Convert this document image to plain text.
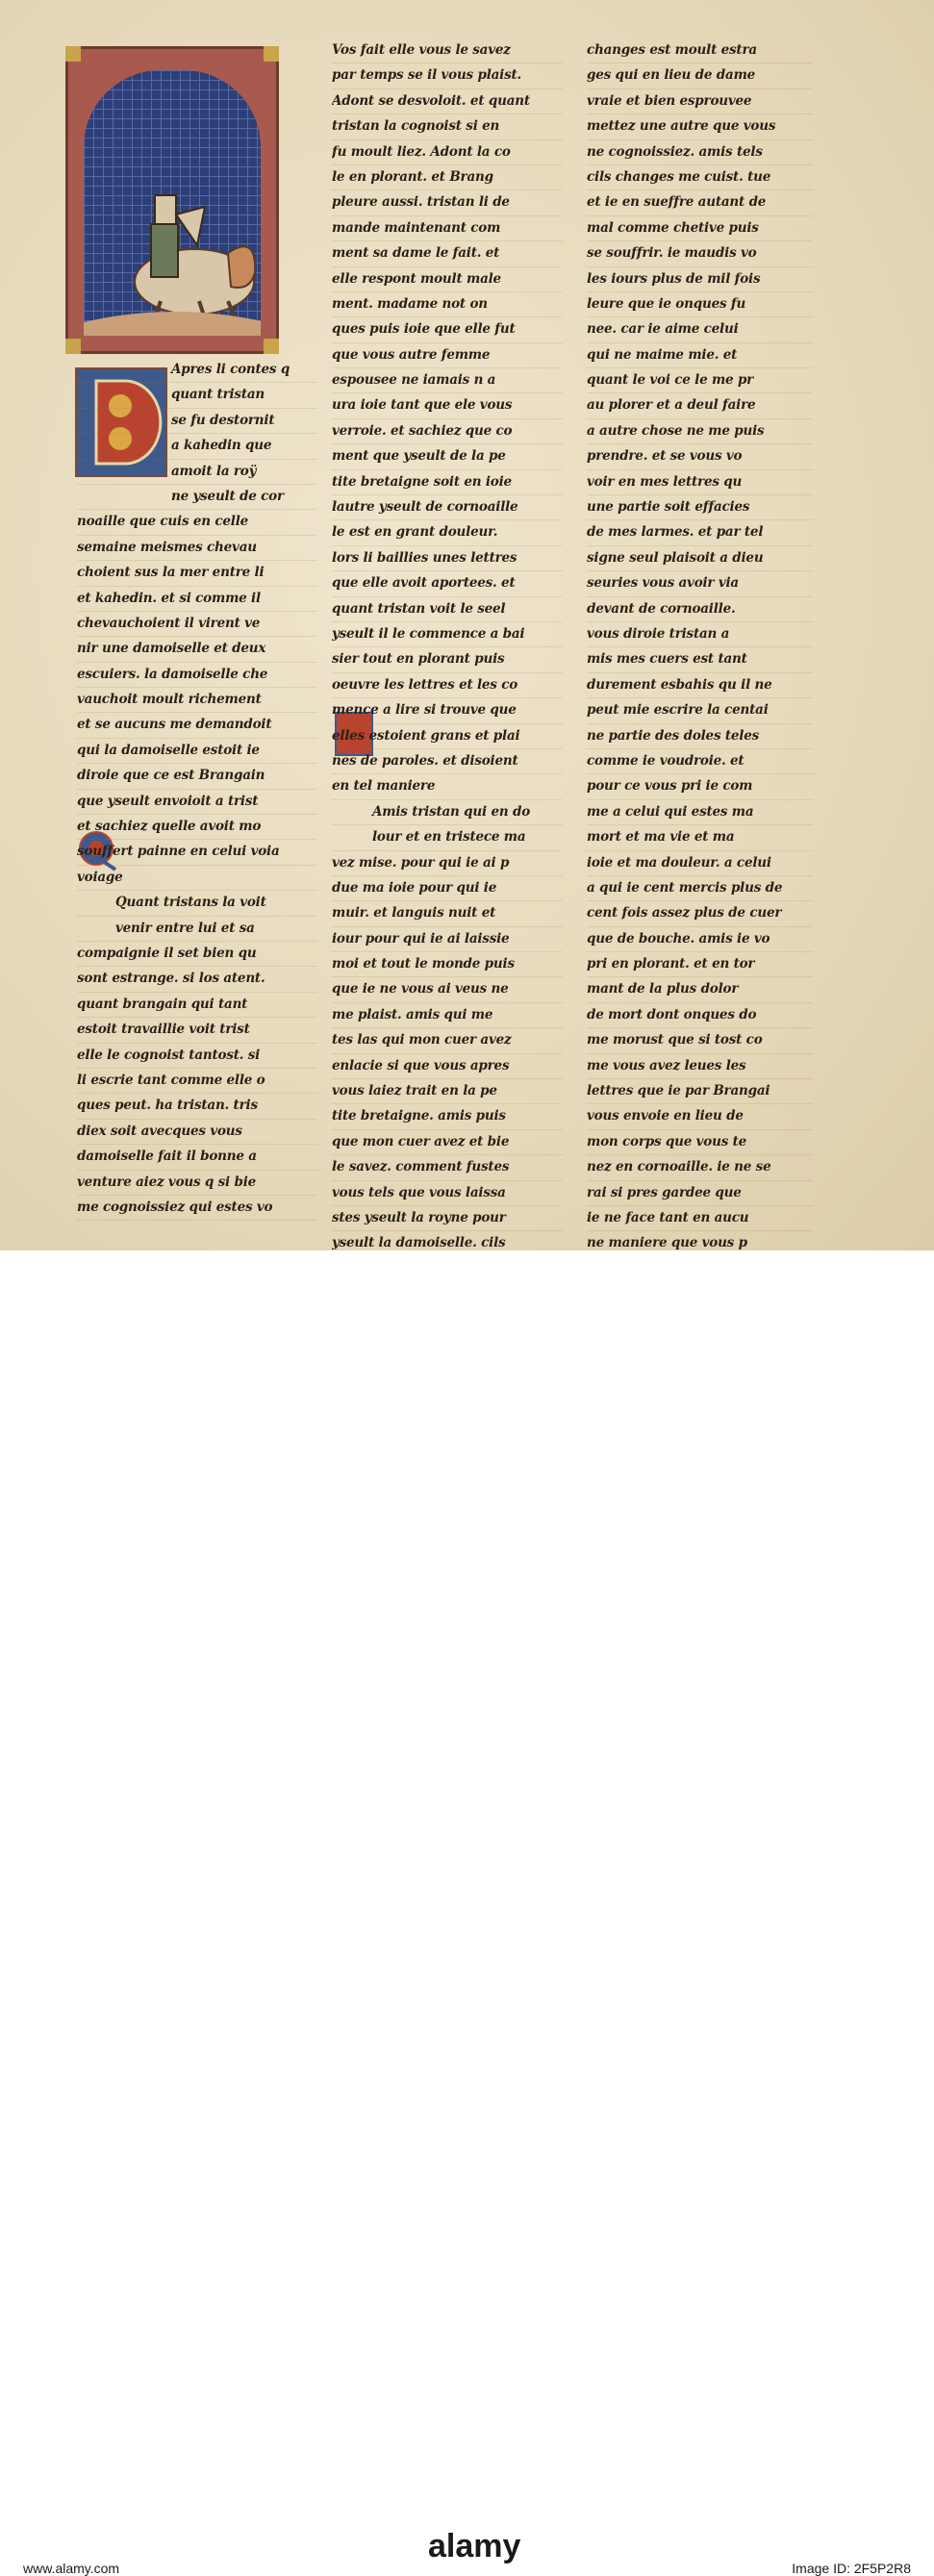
Apres li contes q
quant tristan
se fu destornit
a kahedin que
amoit la roÿ
ne yseult de cor
noaille que cuis en celle
semaine meismes chevau
choient sus la mer entre li
et kahedin. et si comme il
chevauchoient il virent ve
nir une damoiselle et deux
escuiers. la damoiselle che
vauchoit moult richement
et se aucuns me demandoit
qui la damoiselle estoit ie
diroie que ce est Brangain
que yseult envoioit a trist
et sachiez quelle avoit mo
souffert painne en celui voia
voiage
Quant tristans la voit
venir entre lui et sa
compaignie il set bien qu
sont estrange. si los atent.
quant brangain qui tant
estoit travaillie voit trist
elle le cognoist tantost. si
li escrie tant comme elle o
ques peut. ha tristan. tris
diex soit avecques vous
damoiselle fait il bonne a
venture aiez vous q si bie
me cognoissiez qui estes vo
Vos fait elle vous le savez
par temps se il vous plaist.
Adont se desvoloit. et quant
tristan la cognoist si en
fu moult liez. Adont la co
le en plorant. et Brang
pleure aussi. tristan li de
mande maintenant com
ment sa dame le fait. et
elle respont moult male
ment. madame not on
ques puis ioie que elle fut
que vous autre femme
espousee ne iamais n a
ura ioie tant que ele vous
verroie. et sachiez que co
ment que yseult de la pe
tite bretaigne soit en ioie
lautre yseult de cornoaille
le est en grant douleur.
lors li baillies unes lettres
que elle avoit aportees. et
quant tristan voit le seel
yseult il le commence a bai
sier tout en plorant puis
oeuvre les lettres et les co
mence a lire si trouve que
elles estoient grans et plai
nes de paroles. et disoient
en tel maniere
Amis tristan qui en do
lour et en tristece ma
vez mise. pour qui ie ai p
due ma ioie pour qui ie
muir. et languis nuit et
iour pour qui ie ai laissie
moi et tout le monde puis
que ie ne vous ai veus ne
me plaist. amis qui me
tes las qui mon cuer avez
enlacie si que vous apres
vous laiez trait en la pe
tite bretaigne. amis puis
que mon cuer avez et bie
le savez. comment fustes
vous tels que vous laissa
stes yseult la royne pour
yseult la damoiselle. cils
changes est moult estra
ges qui en lieu de dame
vraie et bien esprouvee
mettez une autre que vous
ne cognoissiez. amis tels
cils changes me cuist. tue
et ie en sueffre autant de
mal comme chetive puis
se souffrir. ie maudis vo
les iours plus de mil fois
leure que ie onques fu
nee. car ie aime celui
qui ne maime mie. et
quant le voi ce le me pr
au plorer et a deul faire
a autre chose ne me puis
prendre. et se vous vo
voir en mes lettres qu
une partie soit effacies
de mes larmes. et par tel
signe seul plaisoit a dieu
seuries vous avoir via
devant de cornoaille.
vous diroie tristan a
mis mes cuers est tant
durement esbahis qu il ne
peut mie escrire la centai
ne partie des doles teles
comme ie voudroie. et
pour ce vous pri ie com
me a celui qui estes ma
mort et ma vie et ma
ioie et ma douleur. a celui
a qui ie cent mercis plus de
cent fois assez plus de cuer
que de bouche. amis ie vo
pri en plorant. et en tor
mant de la plus dolor
de mort dont onques do
me morust que si tost co
me vous avez leues les
lettres que ie par Brangai
vous envoie en lieu de
mon corps que vous te
nez en cornoaille. ie ne se
rai si pres gardee que
ie ne face tant en aucu
ne maniere que vous p
alamy
www.alamy.com	Image ID: 2F5P2R8
